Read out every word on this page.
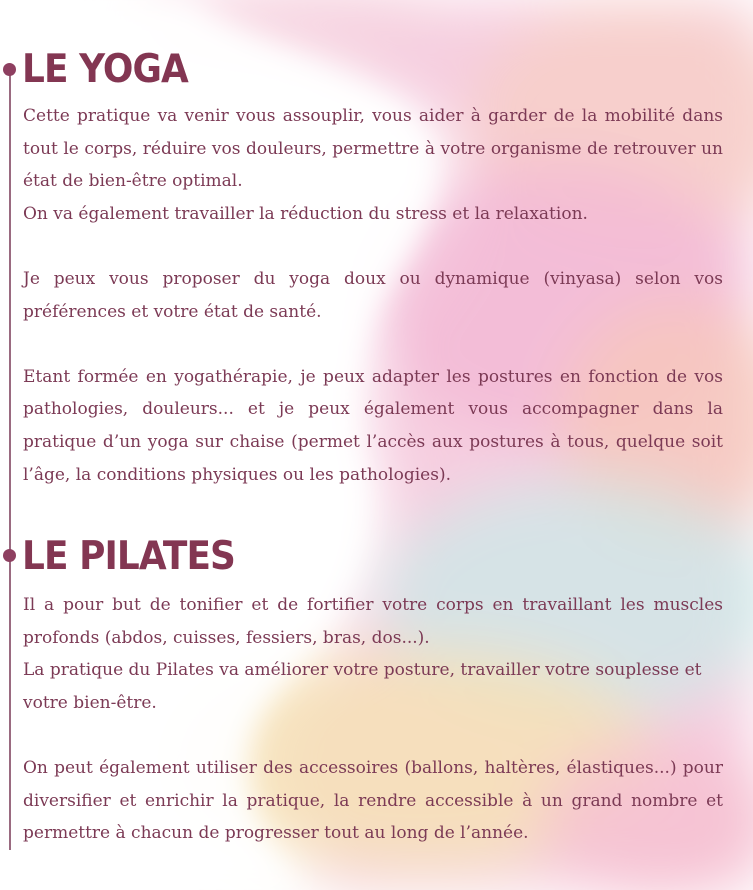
LE YOGA

Cette pratique va venir vous assouplir, vous aider à garder de la mobilité dans tout le corps, réduire vos douleurs, permettre à votre organisme de retrouver un état de bien-être optimal.

On va également travailler la réduction du stress et la relaxation.

Je peux vous proposer du yoga doux ou dynamique (vinyasa) selon vos préférences et votre état de santé.

Etant formée en yogathérapie, je peux adapter les postures en fonction de vos pathologies, douleurs... et je peux également vous accompagner dans la pratique d’un yoga sur chaise (permet l’accès aux postures à tous, quelque soit l’âge, la conditions physiques ou les pathologies).

LE PILATES

Il a pour but de tonifier et de fortifier votre corps en travaillant les muscles profonds (abdos, cuisses, fessiers, bras, dos...).

La pratique du Pilates va améliorer votre posture, travailler votre souplesse et votre bien-être.

On peut également utiliser des accessoires (ballons, haltères, élastiques...) pour diversifier et enrichir la pratique, la rendre accessible à un grand nombre et permettre à chacun de progresser tout au long de l’année.
